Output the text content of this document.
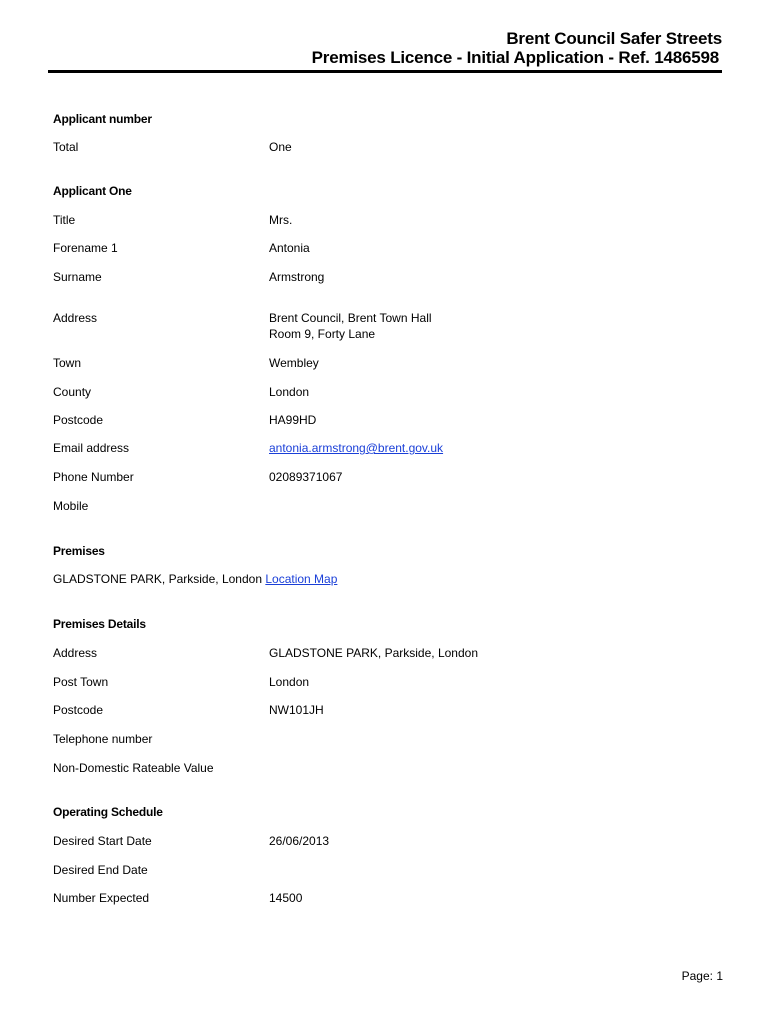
Brent Council Safer Streets
Premises Licence - Initial Application - Ref. 1486598
Applicant number
Total	One
Applicant One
Title	Mrs.
Forename 1	Antonia
Surname	Armstrong
Address	Brent Council, Brent Town Hall
Room 9, Forty Lane
Town	Wembley
County	London
Postcode	HA99HD
Email address	antonia.armstrong@brent.gov.uk
Phone Number	02089371067
Mobile
Premises
GLADSTONE PARK, Parkside, London Location Map
Premises Details
Address	GLADSTONE PARK, Parkside, London
Post Town	London
Postcode	NW101JH
Telephone number
Non-Domestic Rateable Value
Operating Schedule
Desired Start Date	26/06/2013
Desired End Date
Number Expected	14500
Page: 1
